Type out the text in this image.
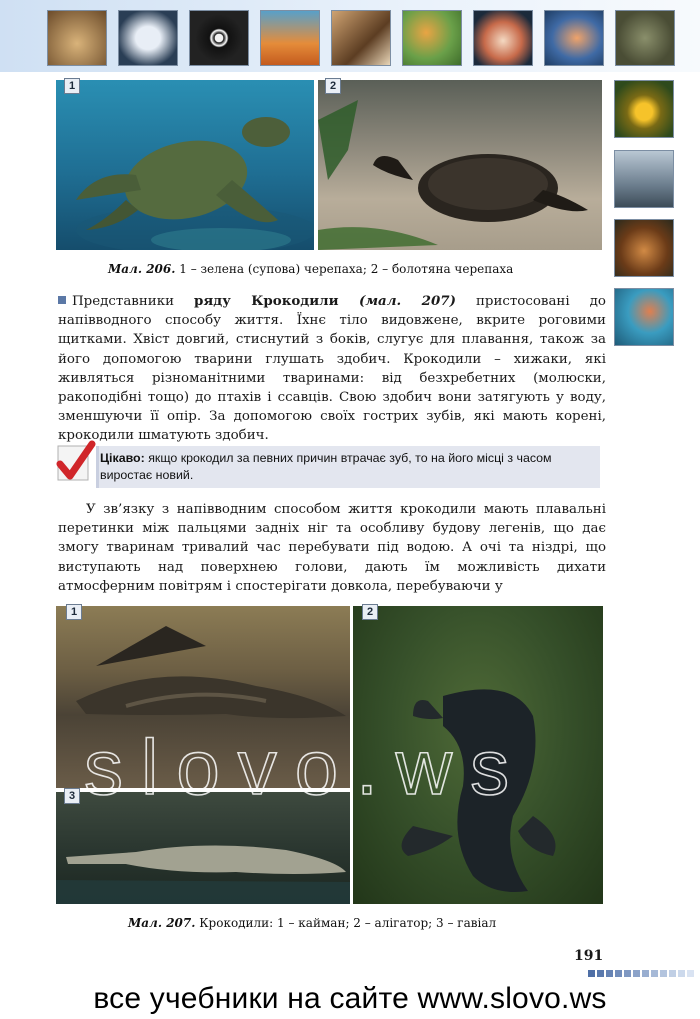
1	2
Мал. 206. 1 – зелена (супова) черепаха; 2 – болотяна черепаха
Представники ряду Крокодили (мал. 207) пристосовані до напівводного способу життя. Їхнє тіло видовжене, вкрите роговими щитками. Хвіст довгий, стиснутий з боків, слугує для плавання, також за його допомогою тварини глушать здобич. Крокодили – хижаки, які живляться різноманітними тваринами: від безхребетних (молюски, ракоподібні тощо) до птахів і ссавців. Свою здобич вони затягують у воду, зменшуючи її опір. За допомогою своїх гострих зубів, які мають корені, крокодили шматують здобич.
Цікаво: якщо крокодил за певних причин втрачає зуб, то на його місці з часом виростає новий.
У зв’язку з напівводним способом життя крокодили мають плавальні перетинки між пальцями задніх ніг та особливу будову легенів, що дає змогу тваринам тривалий час перебувати під водою. А очі та ніздрі, що виступають над поверхнею голови, дають їм можливість дихати атмосферним повітрям і спостерігати довкола, перебуваючи у
1	2
3
Мал. 207. Крокодили: 1 – кайман; 2 – алігатор; 3 – гавіал
191
все учебники на сайте www.slovo.ws
